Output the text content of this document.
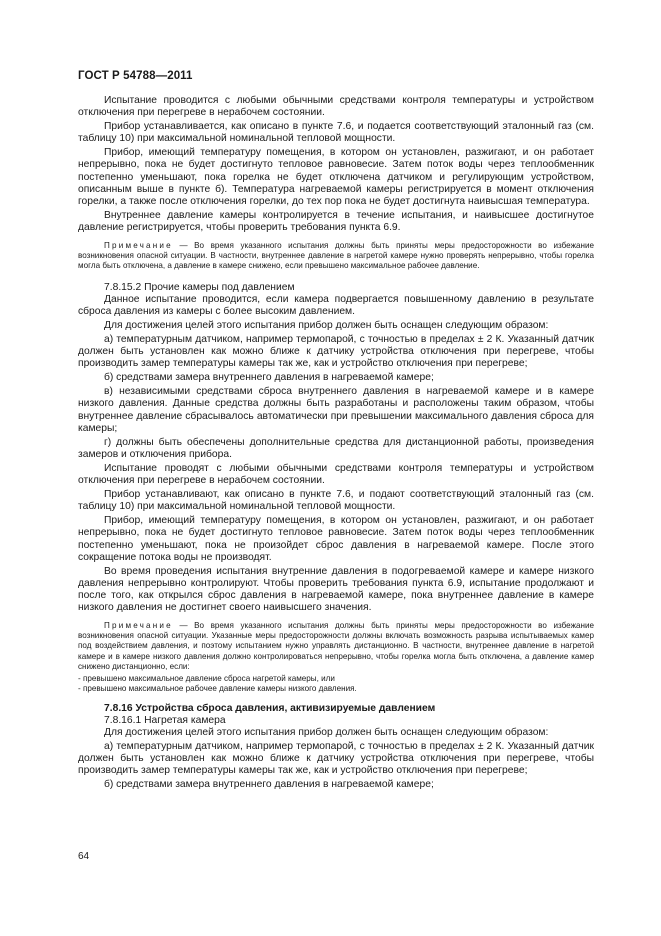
ГОСТ Р 54788—2011

Испытание проводится с любыми обычными средствами контроля температуры и устройством отключения при перегреве в нерабочем состоянии.

Прибор устанавливается, как описано в пункте 7.6, и подается соответствующий эталонный газ (см. таблицу 10) при максимальной номинальной тепловой мощности.

Прибор, имеющий температуру помещения, в котором он установлен, разжигают, и он работает непрерывно, пока не будет достигнуто тепловое равновесие. Затем поток воды через теплообменник постепенно уменьшают, пока горелка не будет отключена датчиком и регулирующим устройством, описанным выше в пункте б). Температура нагреваемой камеры регистрируется в момент отключения горелки, а также после отключения горелки, до тех пор пока не будет достигнута наивысшая температура.

Внутреннее давление камеры контролируется в течение испытания, и наивысшее достигнутое давление регистрируется, чтобы проверить требования пункта 6.9.

Примечание — Во время указанного испытания должны быть приняты меры предосторожности во избежание возникновения опасной ситуации. В частности, внутреннее давление в нагретой камере нужно проверять непрерывно, чтобы горелка могла быть отключена, а давление в камере снижено, если превышено максимальное рабочее давление.

7.8.15.2 Прочие камеры под давлением

Данное испытание проводится, если камера подвергается повышенному давлению в результате сброса давления из камеры с более высоким давлением.

Для достижения целей этого испытания прибор должен быть оснащен следующим образом:

а) температурным датчиком, например термопарой, с точностью в пределах ± 2 К. Указанный датчик должен быть установлен как можно ближе к датчику устройства отключения при перегреве, чтобы производить замер температуры камеры так же, как и устройство отключения при перегреве;

б) средствами замера внутреннего давления в нагреваемой камере;

в) независимыми средствами сброса внутреннего давления в нагреваемой камере и в камере низкого давления. Данные средства должны быть разработаны и расположены таким образом, чтобы внутреннее давление сбрасывалось автоматически при превышении максимального давления сброса для камеры;

г) должны быть обеспечены дополнительные средства для дистанционной работы, произведения замеров и отключения прибора.

Испытание проводят с любыми обычными средствами контроля температуры и устройством отключения при перегреве в нерабочем состоянии.

Прибор устанавливают, как описано в пункте 7.6, и подают соответствующий эталонный газ (см. таблицу 10) при максимальной номинальной тепловой мощности.

Прибор, имеющий температуру помещения, в котором он установлен, разжигают, и он работает непрерывно, пока не будет достигнуто тепловое равновесие. Затем поток воды через теплообменник постепенно уменьшают, пока не произойдет сброс давления в нагреваемой камере. После этого сокращение потока воды не производят.

Во время проведения испытания внутренние давления в подогреваемой камере и камере низкого давления непрерывно контролируют. Чтобы проверить требования пункта 6.9, испытание продолжают и после того, как открылся сброс давления в нагреваемой камере, пока внутреннее давление в камере низкого давления не достигнет своего наивысшего значения.

Примечание — Во время указанного испытания должны быть приняты меры предосторожности во избежание возникновения опасной ситуации. Указанные меры предосторожности должны включать возможность разрыва испытываемых камер под воздействием давления, и поэтому испытанием нужно управлять дистанционно. В частности, внутреннее давление в нагретой камере и в камере низкого давления должно контролироваться непрерывно, чтобы горелка могла быть отключена, а давление камер снижено дистанционно, если:

- превышено максимальное давление сброса нагретой камеры, или

- превышено максимальное рабочее давление камеры низкого давления.

7.8.16 Устройства сброса давления, активизируемые давлением

7.8.16.1 Нагретая камера

Для достижения целей этого испытания прибор должен быть оснащен следующим образом:

а) температурным датчиком, например термопарой, с точностью в пределах ± 2 К. Указанный датчик должен быть установлен как можно ближе к датчику устройства отключения при перегреве, чтобы производить замер температуры камеры так же, как и устройство отключения при перегреве;

б) средствами замера внутреннего давления в нагреваемой камере;

64
